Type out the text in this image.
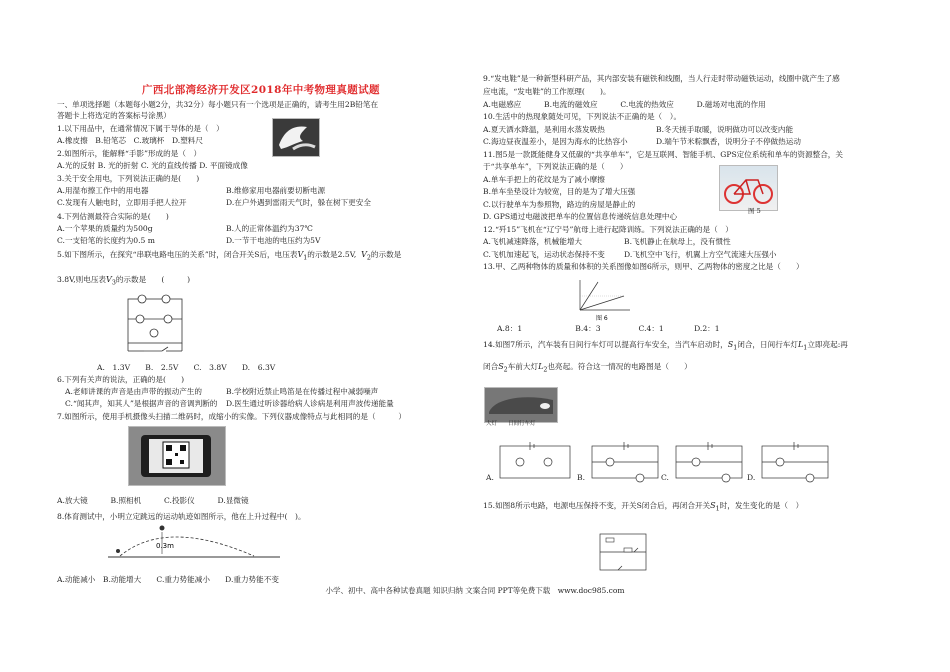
广西北部湾经济开发区2018年中考物理真题试题
一、单项选择题（本题每小题2分，共32分）每小题只有一个选项是正确的，请考生用2B铅笔在
答题卡上将选定的答案标号涂黑）
1.以下用品中，在通常情况下属于导体的是（　）
A.橡皮擦　B.铅笔芯　C.玻璃杯　D.塑料尺
2.如图所示，能解释“手影”形成的是（　）
A.光的反射 B. 光的折射 C. 光的直线传播 D. 平面镜成像
3.关于安全用电，下列说法正确的是(　　)
A.用湿布擦工作中的用电器	B.维修家用电器前要切断电源
C.发现有人触电时，立即用手把人拉开	D.在户外遇到雷雨天气时，躲在树下更安全
4.下列估测最符合实际的是(　　)
A.一个苹果的质量约为500g	B.人的正常体温约为37℃
C.一支铅笔的长度约为0.5 m	D.一节干电池的电压约为5V
5.如下图所示，在探究“串联电路电压的关系”时，闭合开关S后，电压表$V_1$的示数是2.5V, $V_2$的示数是
3.8V,则电压表$V_3$的示数是　　(　　　)
A.　1.3V　　B.　2.5V　　C.　3.8V　　D.　6.3V
6.下列有关声的说法，正确的是(　　)
A.老师讲课的声音是由声带的振动产生的	B.学校附近禁止鸣笛是在传播过程中减弱噪声
C.“闻其声，知其人”是根据声音的音调判断的 D.医生通过听诊器给病人诊病是利用声波传递能量
7.如图所示，使用手机摄像头扫描二维码时，成缩小的实像。下列仪器成像特点与此相同的是（　　　）
A.放大镜　　　B.照相机　　　C.投影仪　　　D.显微镜
8.体育测试中，小明立定跳远的运动轨迹如图所示，他在上升过程中(　)。
0.3m
A.动能减小　B.动能增大　　C.重力势能减小　　D.重力势能不变
9.“发电鞋”是一种新型科研产品，其内部安装有磁铁和线圈，当人行走时带动磁铁运动，线圈中就产生了感
应电流，“发电鞋”的工作原理(　　)。
A.电磁感应　　　B.电流的磁效应　　　C.电流的热效应　　　D.磁场对电流的作用
10.生活中的热现象随处可见，下列说法不正确的是（　）。
A.夏天洒水降温，是利用水蒸发吸热	B.冬天搓手取暖，说明做功可以改变内能
C.海边昼夜温差小，是因为海水的比热容小	D.端午节米粽飘香，说明分子不停做热运动
11.图5是一款既能健身又低碳的“共享单车”，它是互联网、智能手机、GPS定位系统和单车的资源整合，关
于“共享单车”，下列说法正确的是（　　）
A.单车手把上的花纹是为了减小摩擦
B.单车坐垫设计为较宽，目的是为了增大压强
C.以行驶单车为参照物，路边的房屋是静止的
D. GPS通过电磁波把单车的位置信息传递统信息处理中心
图 5
12.“歼15”飞机在“辽宁号”航母上进行起降训练。下列说法正确的是（　）
A.飞机减速降落，机械能增大	B.飞机静止在航母上，没有惯性
C.飞机加速起飞，运动状态保持不变	D.飞机空中飞行，机翼上方空气流速大压强小
13.甲、乙两种物体的质量和体积的关系图像如图6所示，则甲、乙两物体的密度之比是（　　）
图 6
A.8：1　　　　　　　B.4：3　　　　　C.4：1　　　　D.2：1
14.如图7所示，汽车装有日间行车灯可以提高行车安全，当汽车启动时，$S_1$闭合，日间行车灯$L_1$立即亮起:再
闭合$S_2$车前大灯$L_2$也亮起。符合这一情况的电路图是（　　）
大灯　　日间行车灯
A.	B.	C.	D.
15.如图8所示电路，电源电压保持不变，开关S闭合后，再闭合开关$S_1$时，发生变化的是（　）
小学、初中、高中各种试卷真题 知识归纳 文案合同 PPT等免费下载　www.doc985.com
